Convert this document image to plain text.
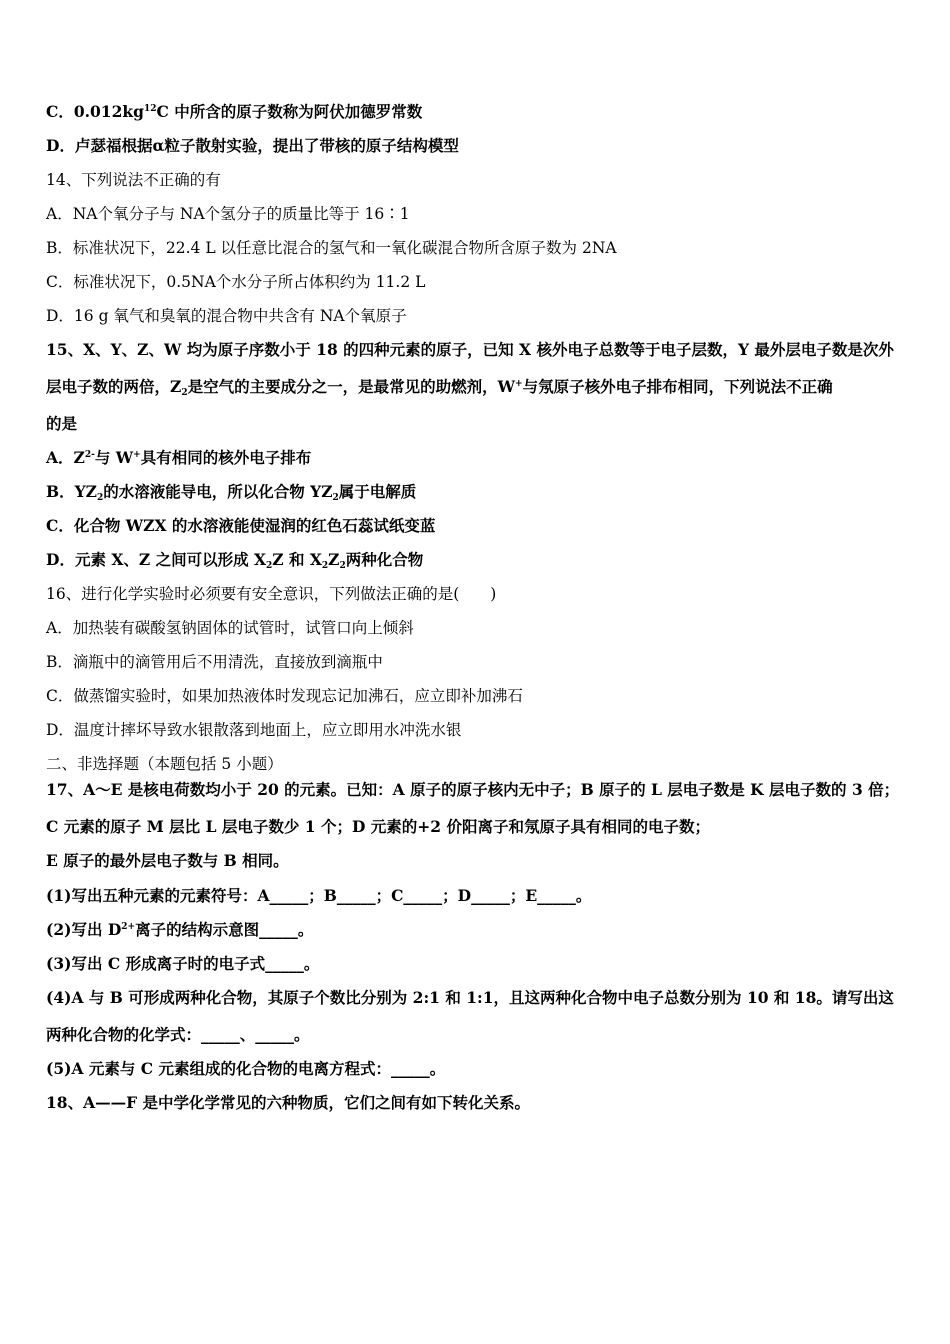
C．$0.012kg^{12}C$ 中所含的原子数称为阿伏加德罗常数
D．卢瑟福根据α粒子散射实验，提出了带核的原子结构模型
14、下列说法不正确的有
A．NA个氧分子与 NA个氢分子的质量比等于 16∶1
B．标准状况下，22.4 L 以任意比混合的氢气和一氧化碳混合物所含原子数为 2NA
C．标准状况下，0.5NA个水分子所占体积约为 11.2 L
D．16 g 氧气和臭氧的混合物中共含有 NA个氧原子
15、X、Y、Z、W 均为原子序数小于 18 的四种元素的原子，已知 X 核外电子总数等于电子层数，Y 最外层电子数是次外
层电子数的两倍，$Z_2$是空气的主要成分之一，是最常见的助燃剂，W+与氖原子核外电子排布相同，下列说法不正确
的是
A．$Z^{2-}$与 W+具有相同的核外电子排布
B．$YZ_2$的水溶液能导电，所以化合物 $YZ_2$属于电解质
C．化合物 WZX 的水溶液能使湿润的红色石蕊试纸变蓝
D．元素 X、Z 之间可以形成 $X_2Z$ 和 $X_2Z_2$两种化合物
16、进行化学实验时必须要有安全意识，下列做法正确的是(　　)
A．加热装有碳酸氢钠固体的试管时，试管口向上倾斜
B．滴瓶中的滴管用后不用清洗，直接放到滴瓶中
C．做蒸馏实验时，如果加热液体时发现忘记加沸石，应立即补加沸石
D．温度计摔坏导致水银散落到地面上，应立即用水冲洗水银
二、非选择题（本题包括 5 小题）
17、A～E 是核电荷数均小于 20 的元素。已知：A 原子的原子核内无中子；B 原子的 L 层电子数是 K 层电子数的 3 倍；
C 元素的原子 M 层比 L 层电子数少 1 个；D 元素的+2 价阳离子和氖原子具有相同的电子数；
E 原子的最外层电子数与 B 相同。
(1)写出五种元素的元素符号：A_____；B_____；C_____；D_____；E_____。
(2)写出 $D^{2+}$离子的结构示意图_____。
(3)写出 C 形成离子时的电子式_____。
(4)A 与 B 可形成两种化合物，其原子个数比分别为 2:1 和 1:1，且这两种化合物中电子总数分别为 10 和 18。请写出这
两种化合物的化学式：_____、_____。
(5)A 元素与 C 元素组成的化合物的电离方程式：_____。
18、A——F 是中学化学常见的六种物质，它们之间有如下转化关系。
